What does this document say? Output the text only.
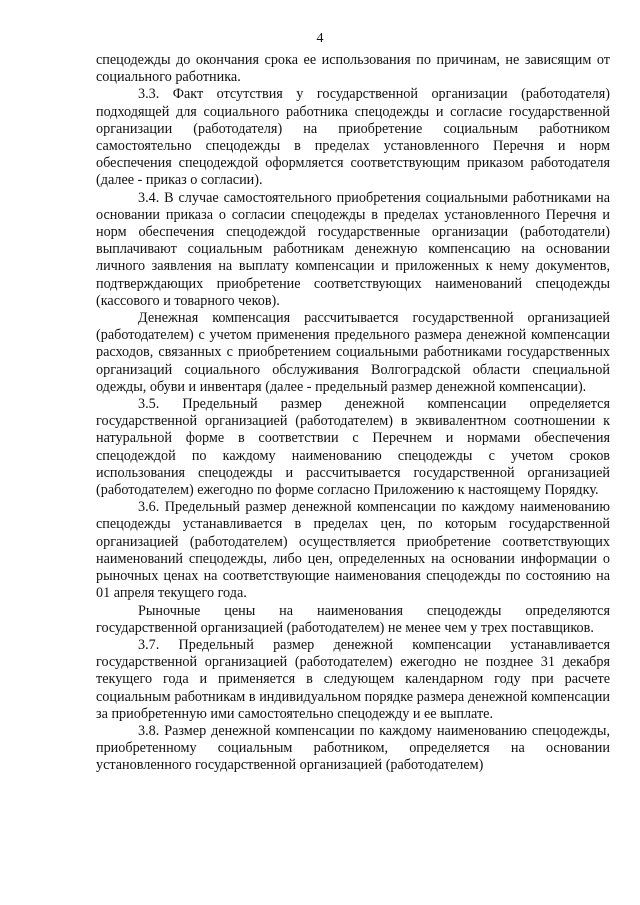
4

спецодежды до окончания срока ее использования по причинам, не зависящим от социального работника.

3.3. Факт отсутствия у государственной организации (работодателя) подходящей для социального работника спецодежды и согласие государственной организации (работодателя) на приобретение социальным работником самостоятельно спецодежды в пределах установленного Перечня и норм обеспечения спецодеждой оформляется соответствующим приказом работодателя (далее - приказ о согласии).

3.4. В случае самостоятельного приобретения социальными работниками на основании приказа о согласии спецодежды в пределах установленного Перечня и норм обеспечения спецодеждой государственные организации (работодатели) выплачивают социальным работникам денежную компенсацию на основании личного заявления на выплату компенсации и приложенных к нему документов, подтверждающих приобретение соответствующих наименований спецодежды (кассового и товарного чеков).

Денежная компенсация рассчитывается государственной организацией (работодателем) с учетом применения предельного размера денежной компенсации расходов, связанных с приобретением социальными работниками государственных организаций социального обслуживания Волгоградской области специальной одежды, обуви и инвентаря (далее - предельный размер денежной компенсации).

3.5. Предельный размер денежной компенсации определяется государственной организацией (работодателем) в эквивалентном соотношении к натуральной форме в соответствии с Перечнем и нормами обеспечения спецодеждой по каждому наименованию спецодежды с учетом сроков использования спецодежды и рассчитывается государственной организацией (работодателем) ежегодно по форме согласно Приложению к настоящему Порядку.

3.6. Предельный размер денежной компенсации по каждому наименованию спецодежды устанавливается в пределах цен, по которым государственной организацией (работодателем) осуществляется приобретение соответствующих наименований спецодежды, либо цен, определенных на основании информации о рыночных ценах на соответствующие наименования спецодежды по состоянию на 01 апреля текущего года.

Рыночные цены на наименования спецодежды определяются государственной организацией (работодателем) не менее чем у трех поставщиков.

3.7. Предельный размер денежной компенсации устанавливается государственной организацией (работодателем) ежегодно не позднее 31 декабря текущего года и применяется в следующем календарном году при расчете социальным работникам в индивидуальном порядке размера денежной компенсации за приобретенную ими самостоятельно спецодежду и ее выплате.

3.8. Размер денежной компенсации по каждому наименованию спецодежды, приобретенному социальным работником, определяется на основании установленного государственной организацией (работодателем)
